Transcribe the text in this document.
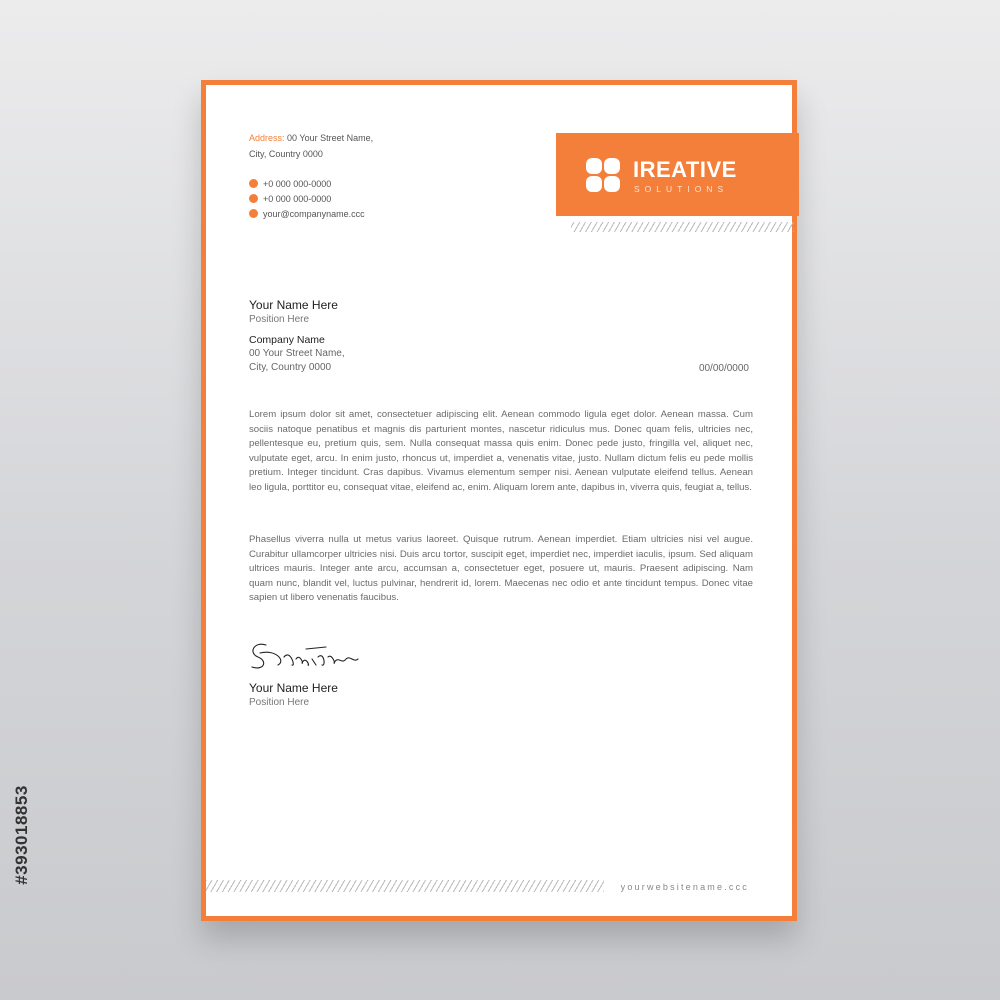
#393018853
Address: 00 Your Street Name,
City, Country 0000
+0 000 000-0000
+0 000 000-0000
your@companyname.ccc
IREATIVE
SOLUTIONS
Your Name Here
Position Here
Company Name
00 Your Street Name,
City, Country 0000	00/00/0000
Lorem ipsum dolor sit amet, consectetuer adipiscing elit. Aenean commodo ligula eget dolor. Aenean massa. Cum sociis natoque penatibus et magnis dis parturient montes, nascetur ridiculus mus. Donec quam felis, ultricies nec, pellentesque eu, pretium quis, sem. Nulla consequat massa quis enim. Donec pede justo, fringilla vel, aliquet nec, vulputate eget, arcu. In enim justo, rhoncus ut, imperdiet a, venenatis vitae, justo. Nullam dictum felis eu pede mollis pretium. Integer tincidunt. Cras dapibus. Vivamus elementum semper nisi. Aenean vulputate eleifend tellus. Aenean leo ligula, porttitor eu, consequat vitae, eleifend ac, enim. Aliquam lorem ante, dapibus in, viverra quis, feugiat a, tellus.
Phasellus viverra nulla ut metus varius laoreet. Quisque rutrum. Aenean imperdiet. Etiam ultricies nisi vel augue. Curabitur ullamcorper ultricies nisi. Duis arcu tortor, suscipit eget, imperdiet nec, imperdiet iaculis, ipsum. Sed aliquam ultrices mauris. Integer ante arcu, accumsan a, consectetuer eget, posuere ut, mauris. Praesent adipiscing. Nam quam nunc, blandit vel, luctus pulvinar, hendrerit id, lorem. Maecenas nec odio et ante tincidunt tempus. Donec vitae sapien ut libero venenatis faucibus.
Your Name Here
Position Here
yourwebsitename.ccc
